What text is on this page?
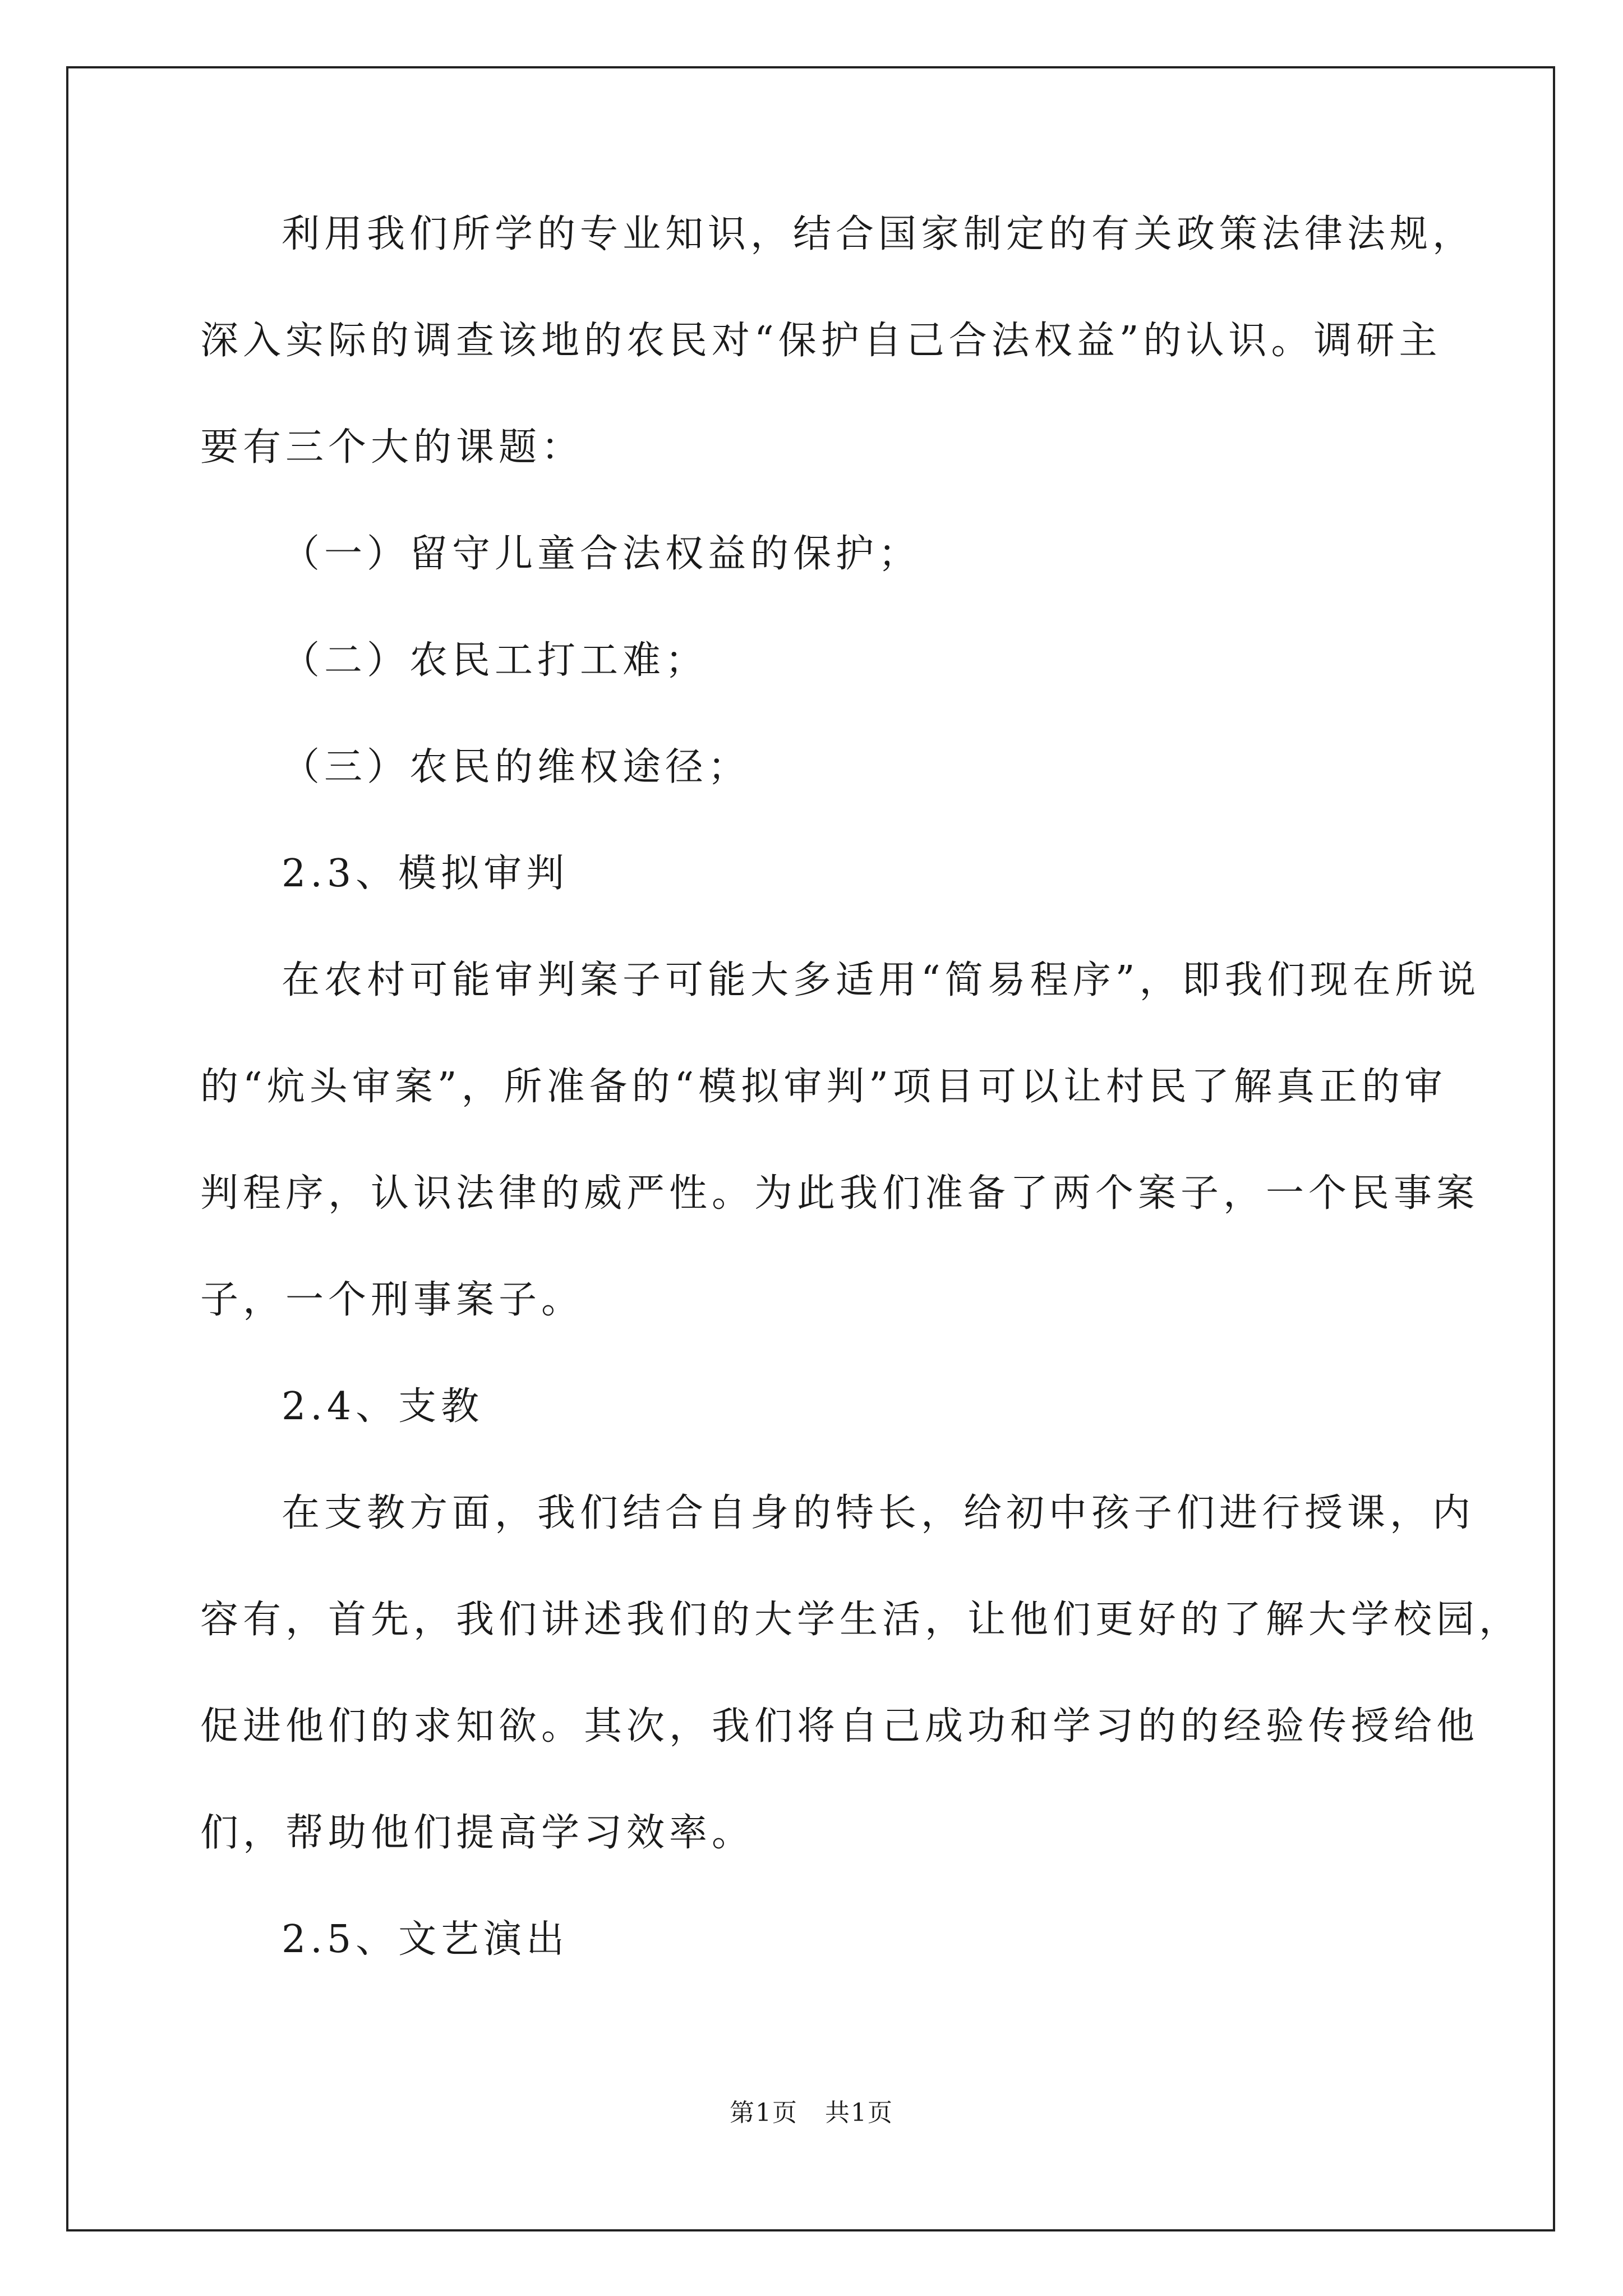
利用我们所学的专业知识，结合国家制定的有关政策法律法规，

深入实际的调查该地的农民对“保护自己合法权益”的认识。调研主

要有三个大的课题：

（一）留守儿童合法权益的保护；

（二）农民工打工难；

（三）农民的维权途径；

2.3、模拟审判

在农村可能审判案子可能大多适用“简易程序”，即我们现在所说

的“炕头审案”，所准备的“模拟审判”项目可以让村民了解真正的审

判程序，认识法律的威严性。为此我们准备了两个案子，一个民事案

子，一个刑事案子。

2.4、支教

在支教方面，我们结合自身的特长，给初中孩子们进行授课，内

容有，首先，我们讲述我们的大学生活，让他们更好的了解大学校园，

促进他们的求知欲。其次，我们将自己成功和学习的的经验传授给他

们，帮助他们提高学习效率。

2.5、文艺演出

第1页 共1页
